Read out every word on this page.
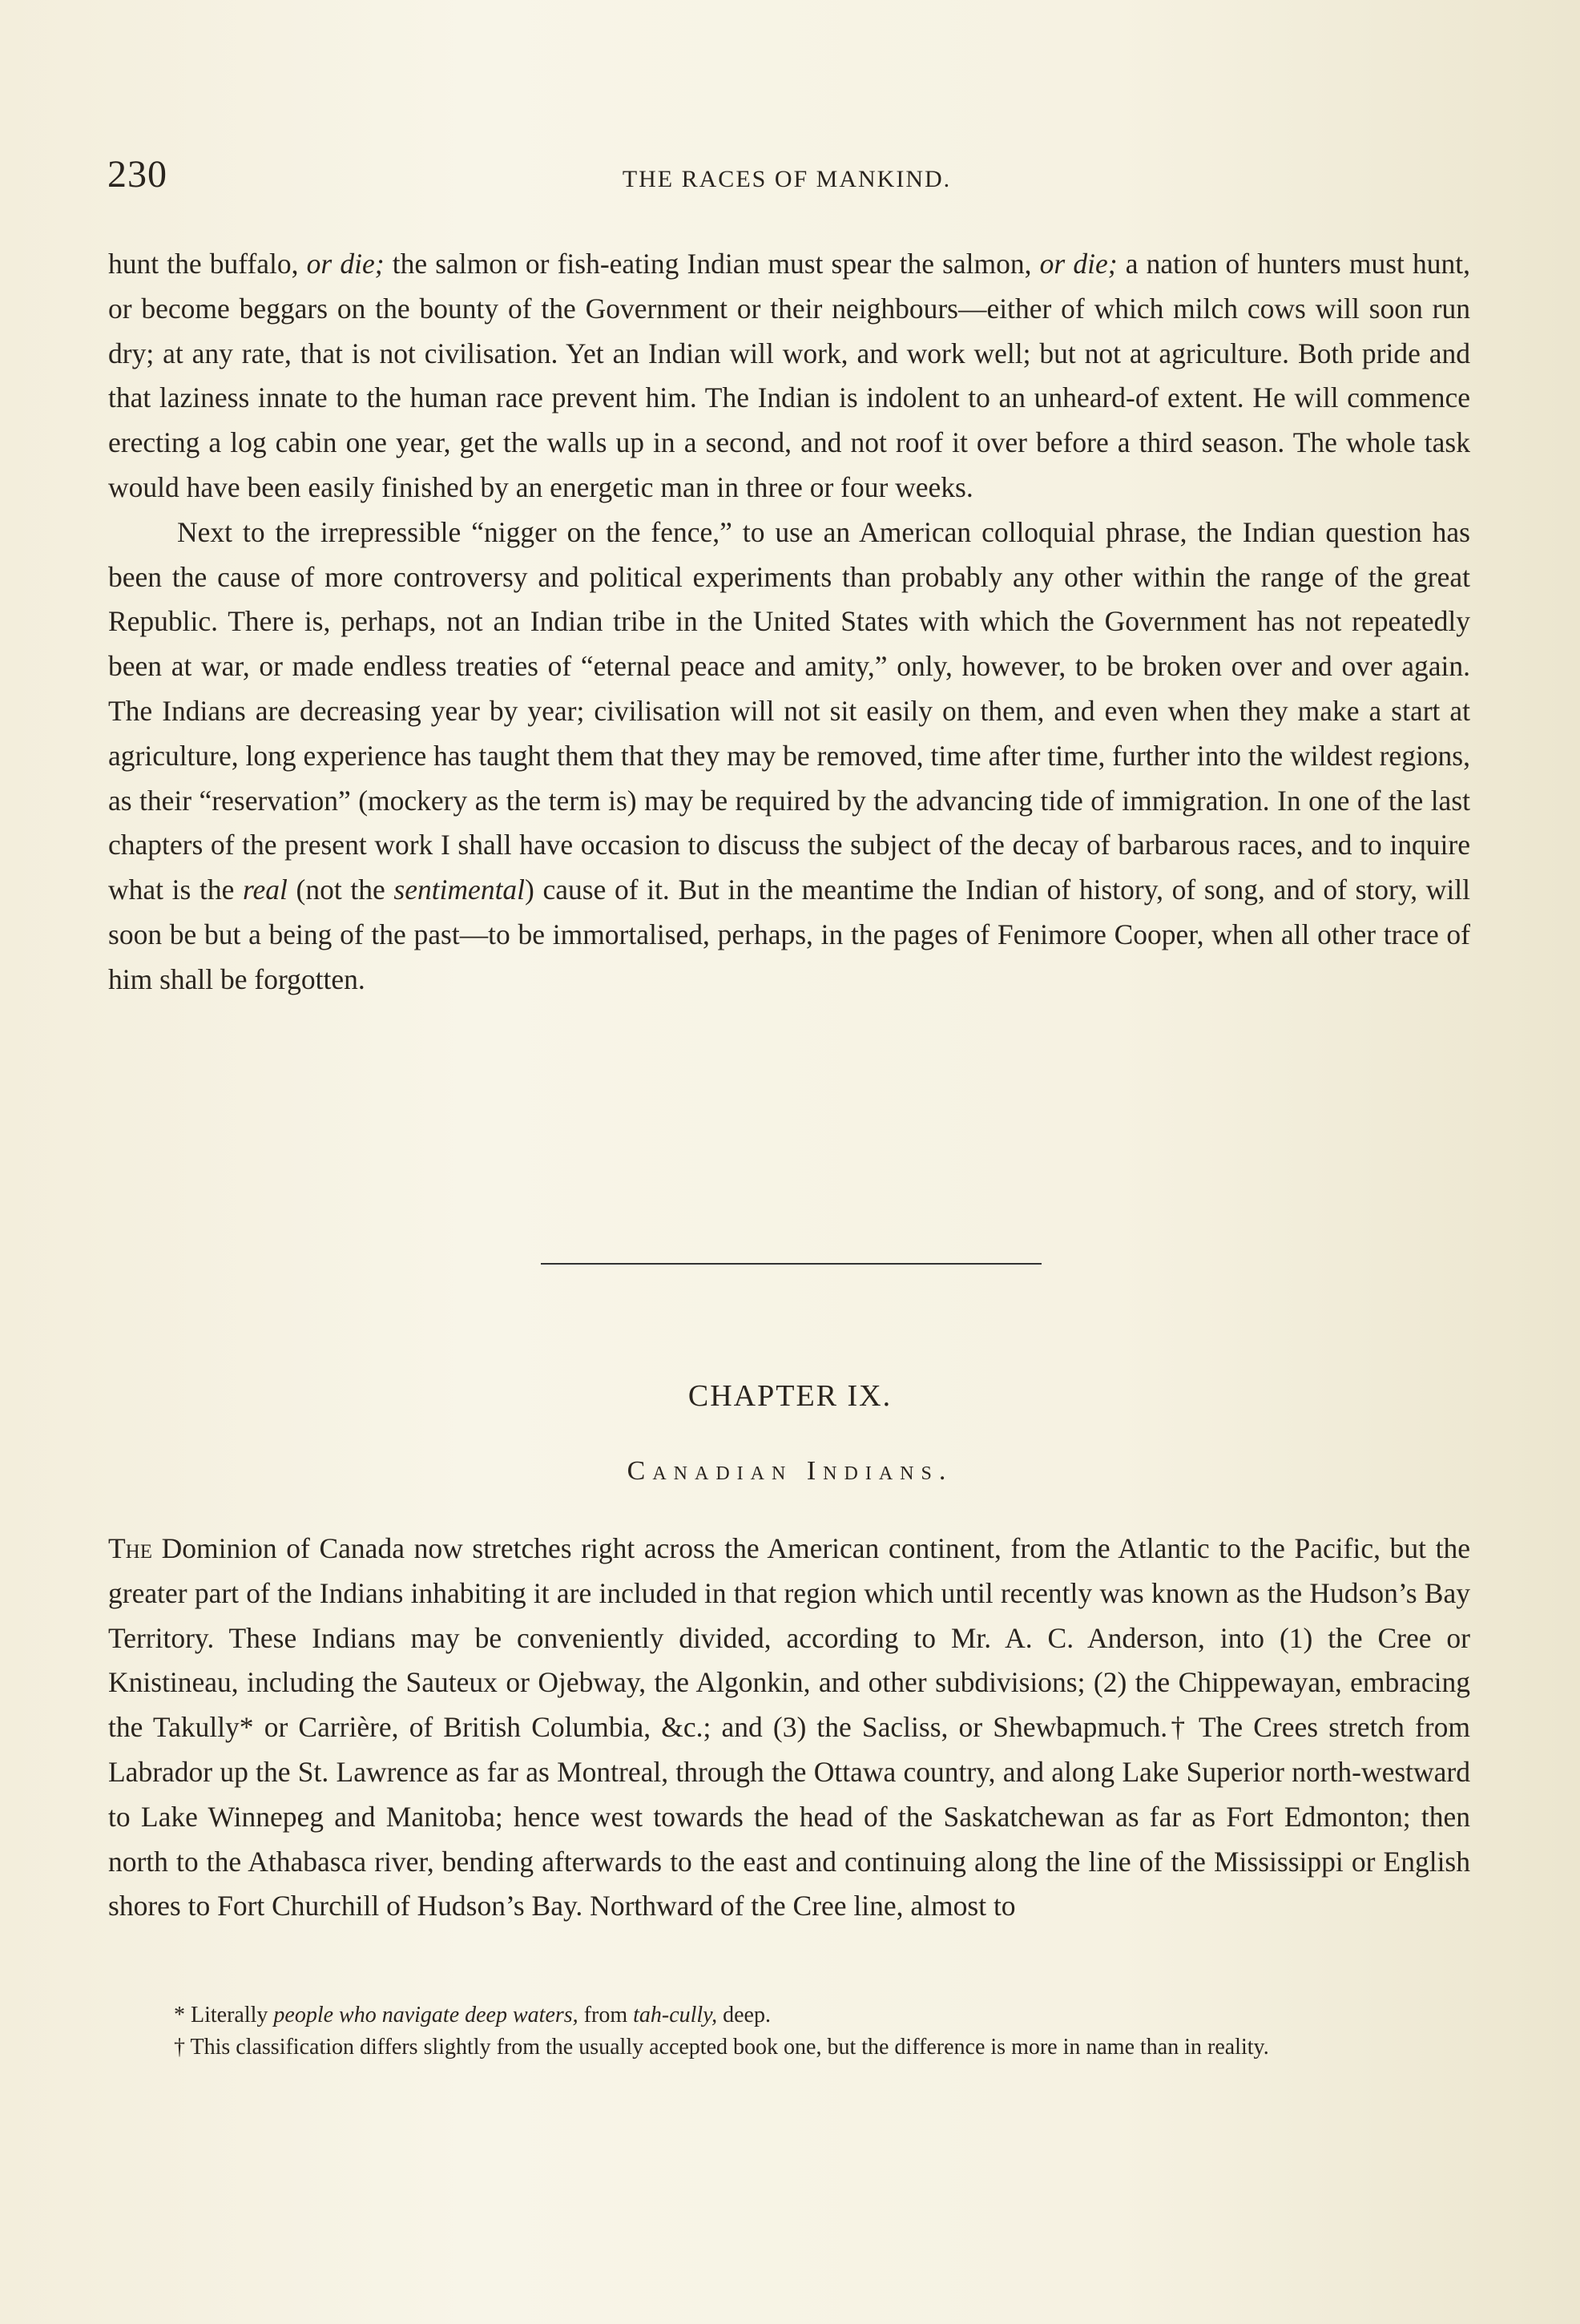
230	THE RACES OF MANKIND.

hunt the buffalo, or die; the salmon or fish-eating Indian must spear the salmon, or die; a nation of hunters must hunt, or become beggars on the bounty of the Government or their neighbours—either of which milch cows will soon run dry; at any rate, that is not civilisation. Yet an Indian will work, and work well; but not at agriculture. Both pride and that laziness innate to the human race prevent him. The Indian is indolent to an unheard-of extent. He will commence erecting a log cabin one year, get the walls up in a second, and not roof it over before a third season. The whole task would have been easily finished by an energetic man in three or four weeks.

Next to the irrepressible “nigger on the fence,” to use an American colloquial phrase, the Indian question has been the cause of more controversy and political experiments than probably any other within the range of the great Republic. There is, perhaps, not an Indian tribe in the United States with which the Government has not repeatedly been at war, or made endless treaties of “eternal peace and amity,” only, however, to be broken over and over again. The Indians are decreasing year by year; civilisation will not sit easily on them, and even when they make a start at agriculture, long experience has taught them that they may be removed, time after time, further into the wildest regions, as their “reservation” (mockery as the term is) may be required by the advancing tide of immigration. In one of the last chapters of the present work I shall have occasion to discuss the subject of the decay of barbarous races, and to inquire what is the real (not the sentimental) cause of it. But in the meantime the Indian of history, of song, and of story, will soon be but a being of the past—to be immortalised, perhaps, in the pages of Fenimore Cooper, when all other trace of him shall be forgotten.

CHAPTER IX.
Canadian Indians.

The Dominion of Canada now stretches right across the American continent, from the Atlantic to the Pacific, but the greater part of the Indians inhabiting it are included in that region which until recently was known as the Hudson’s Bay Territory. These Indians may be conveniently divided, according to Mr. A. C. Anderson, into (1) the Cree or Knistineau, including the Sauteux or Ojebway, the Algonkin, and other subdivisions; (2) the Chippewayan, embracing the Takully* or Carrière, of British Columbia, &c.; and (3) the Sacliss, or Shewbapmuch.† The Crees stretch from Labrador up the St. Lawrence as far as Montreal, through the Ottawa country, and along Lake Superior north-westward to Lake Winnepeg and Manitoba; hence west towards the head of the Saskatchewan as far as Fort Edmonton; then north to the Athabasca river, bending afterwards to the east and continuing along the line of the Mississippi or English shores to Fort Churchill of Hudson’s Bay. Northward of the Cree line, almost to

* Literally people who navigate deep waters, from tah-cully, deep.

† This classification differs slightly from the usually accepted book one, but the difference is more in name than in reality.
